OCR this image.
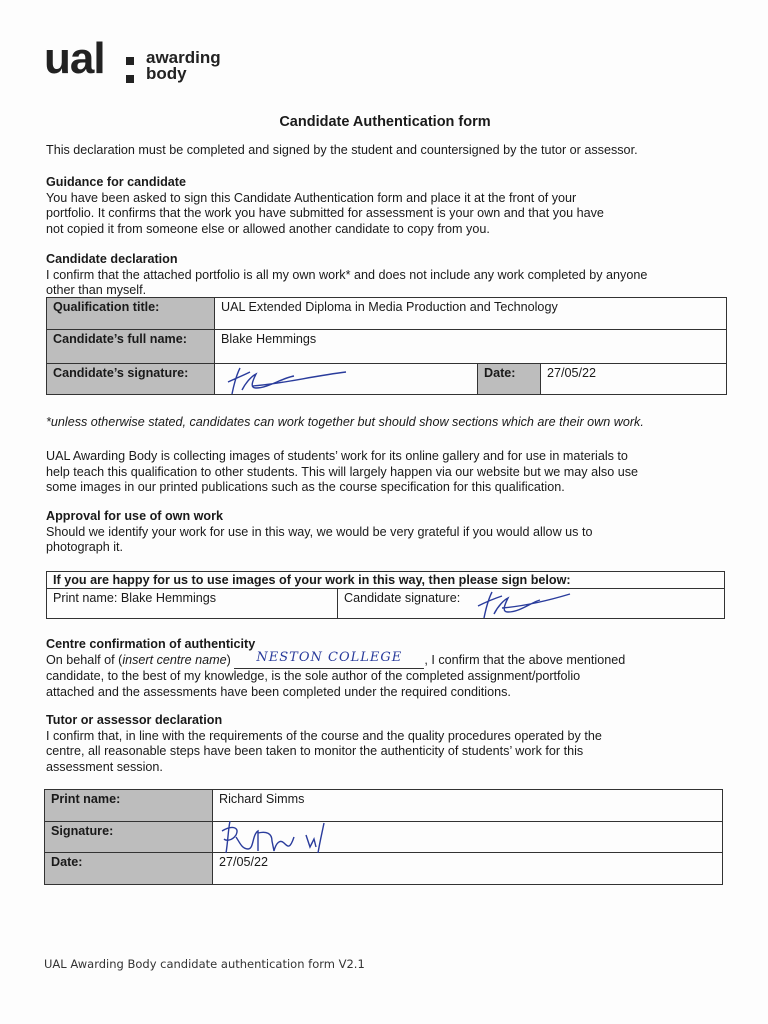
ual awarding
body
Candidate Authentication form
This declaration must be completed and signed by the student and countersigned by the tutor or assessor.
Guidance for candidate
You have been asked to sign this Candidate Authentication form and place it at the front of your
portfolio. It confirms that the work you have submitted for assessment is your own and that you have
not copied it from someone else or allowed another candidate to copy from you.
Candidate declaration
I confirm that the attached portfolio is all my own work* and does not include any work completed by anyone
other than myself.
Qualification title:	UAL Extended Diploma in Media Production and Technology		
Candidate’s full name:	Blake Hemmings		
Candidate’s signature:		Date:	27/05/22
*unless otherwise stated, candidates can work together but should show sections which are their own work.
UAL Awarding Body is collecting images of students’ work for its online gallery and for use in materials to
help teach this qualification to other students. This will largely happen via our website but we may also use
some images in our printed publications such as the course specification for this qualification.
Approval for use of own work
Should we identify your work for use in this way, we would be very grateful if you would allow us to
photograph it.
If you are happy for us to use images of your work in this way, then please sign below:
Print name: Blake Hemmings	Candidate signature:
Centre confirmation of authenticity
On behalf of (insert centre name) NESTON COLLEGE , I confirm that the above mentioned
candidate, to the best of my knowledge, is the sole author of the completed assignment/portfolio
attached and the assessments have been completed under the required conditions.
Tutor or assessor declaration
I confirm that, in line with the requirements of the course and the quality procedures operated by the
centre, all reasonable steps have been taken to monitor the authenticity of students’ work for this
assessment session.
Print name:	Richard Simms
Signature:	
Date:	27/05/22
UAL Awarding Body candidate authentication form V2.1
